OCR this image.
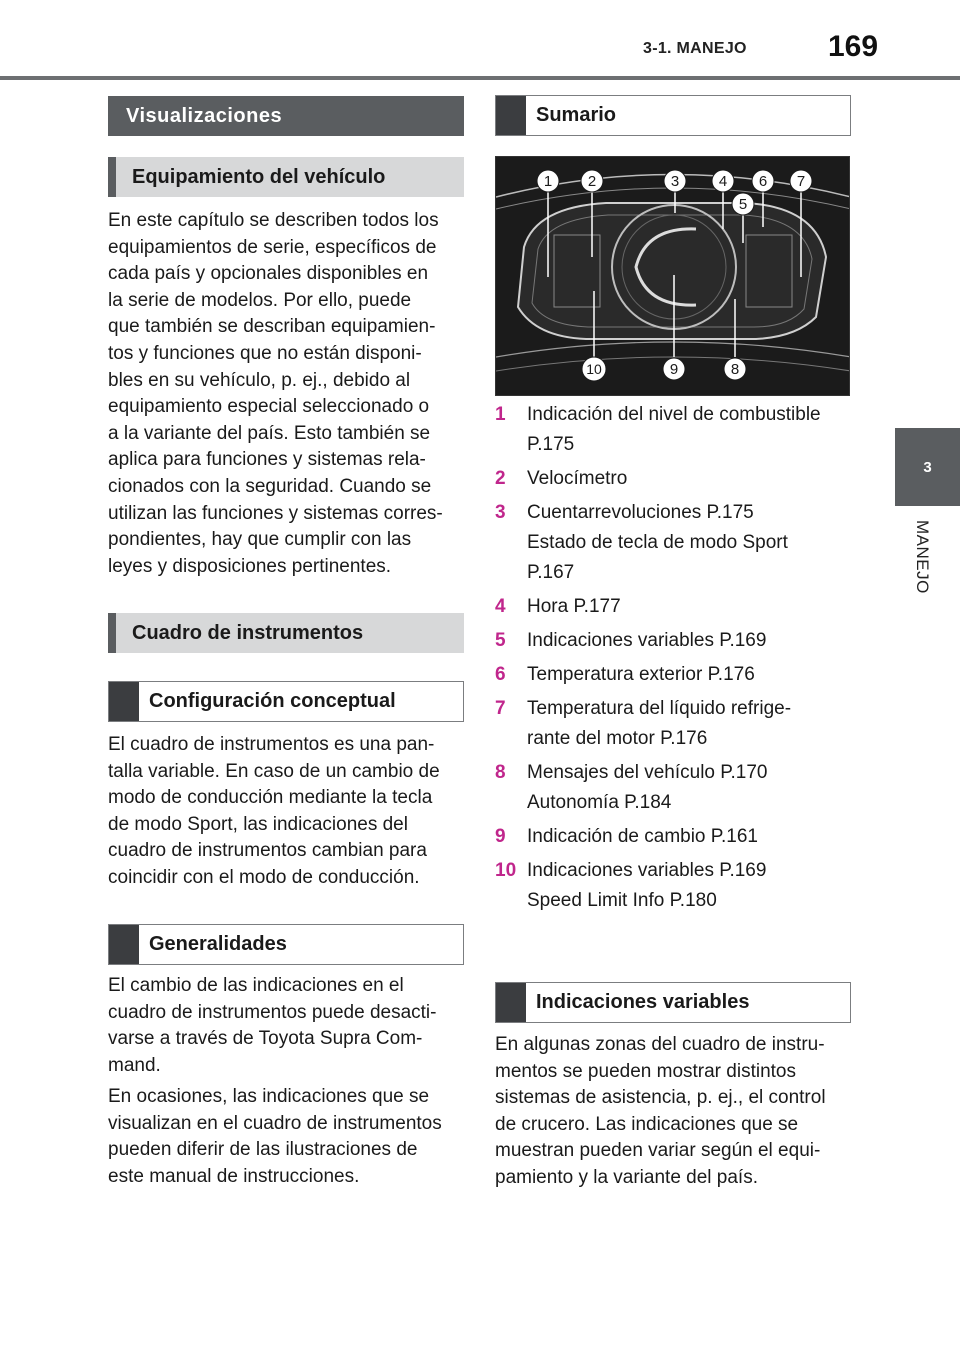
3-1. MANEJO	169
3
MANEJO
Visualizaciones
Equipamiento del vehículo
En este capítulo se describen todos los
equipamientos de serie, específicos de
cada país y opcionales disponibles en
la serie de modelos. Por ello, puede
que también se describan equipamien-
tos y funciones que no están disponi-
bles en su vehículo, p. ej., debido al
equipamiento especial seleccionado o
a la variante del país. Esto también se
aplica para funciones y sistemas rela-
cionados con la seguridad. Cuando se
utilizan las funciones y sistemas corres-
pondientes, hay que cumplir con las
leyes y disposiciones pertinentes.
Cuadro de instrumentos
Configuración conceptual
El cuadro de instrumentos es una pan-
talla variable. En caso de un cambio de
modo de conducción mediante la tecla
de modo Sport, las indicaciones del
cuadro de instrumentos cambian para
coincidir con el modo de conducción.
Generalidades
El cambio de las indicaciones en el
cuadro de instrumentos puede desacti-
varse a través de Toyota Supra Com-
mand.
En ocasiones, las indicaciones que se
visualizan en el cuadro de instrumentos
pueden diferir de las ilustraciones de
este manual de instrucciones.
Sumario
1 2	3	4
5
6 7
8
9
10
1	Indicación del nivel de combustible
P.175
2	Velocímetro
3	Cuentarrevoluciones P.175
Estado de tecla de modo Sport
P.167
4	Hora P.177
5	Indicaciones variables P.169
6	Temperatura exterior P.176
7	Temperatura del líquido refrige-
rante del motor P.176
8	Mensajes del vehículo P.170
Autonomía P.184
9	Indicación de cambio P.161
10 Indicaciones variables P.169
Speed Limit Info P.180
Indicaciones variables
En algunas zonas del cuadro de instru-
mentos se pueden mostrar distintos
sistemas de asistencia, p. ej., el control
de crucero. Las indicaciones que se
muestran pueden variar según el equi-
pamiento y la variante del país.
